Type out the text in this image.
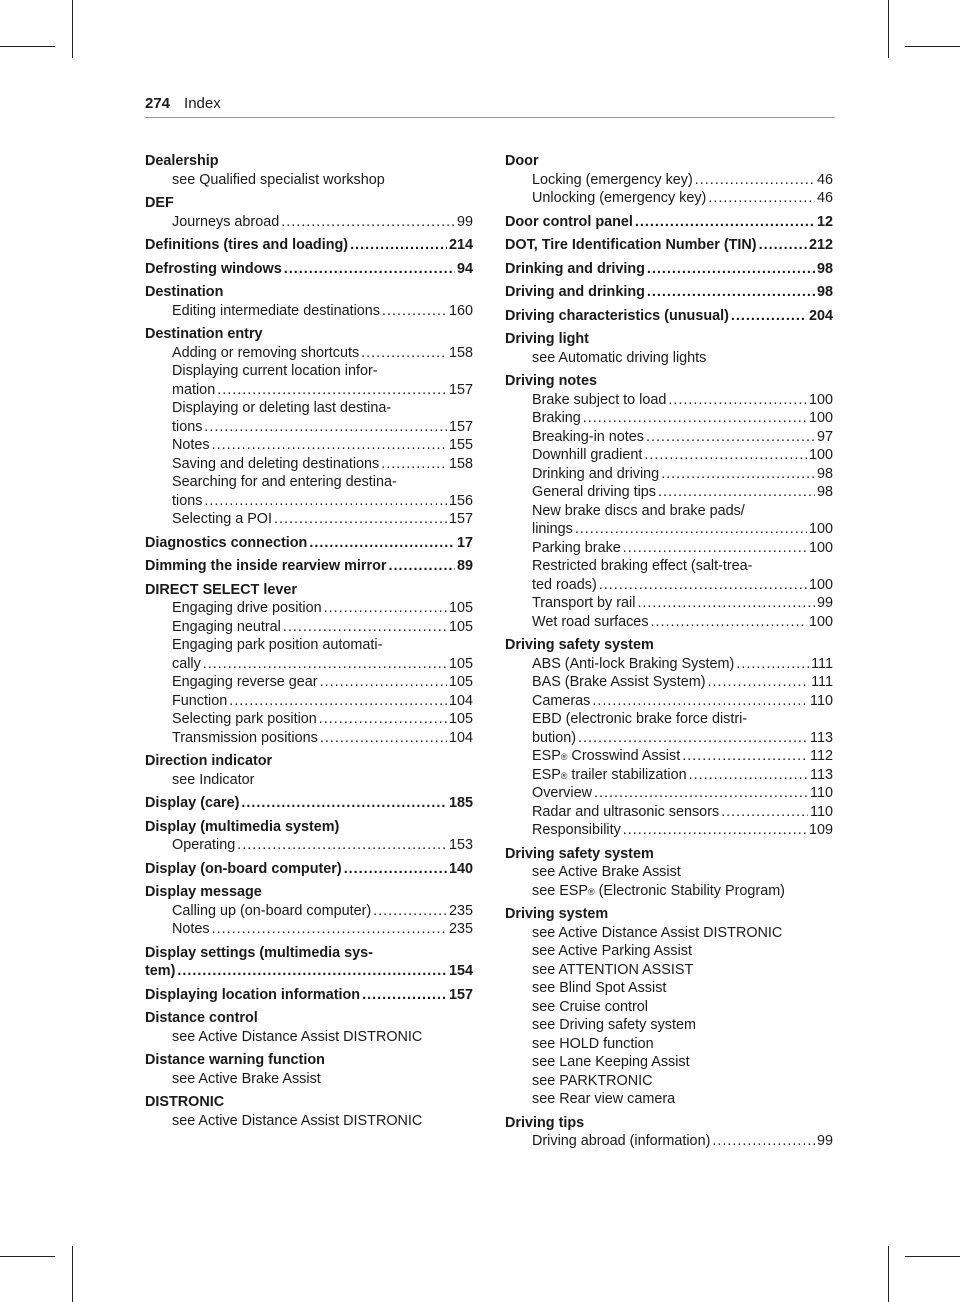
274 Index
Dealership
see Qualified specialist workshop
DEF
Journeys abroad .....	99
Definitions (tires and loading) .....	214
Defrosting windows .....	94
Destination
Editing intermediate destinations .....	160
Destination entry
Adding or removing shortcuts .....	158
Displaying current location infor-
mation .....	157
Displaying or deleting last destina-
tions .....	157
Notes .....	155
Saving and deleting destinations .....	158
Searching for and entering destina-
tions .....	156
Selecting a POI .....	157
Diagnostics connection .....	17
Dimming the inside rearview mirror .....	89
DIRECT SELECT lever
Engaging drive position .....	105
Engaging neutral .....	105
Engaging park position automati-
cally .....	105
Engaging reverse gear .....	105
Function .....	104
Selecting park position .....	105
Transmission positions .....	104
Direction indicator
see Indicator
Display (care) .....	185
Display (multimedia system)
Operating .....	153
Display (on-board computer) .....	140
Display message
Calling up (on-board computer) .....	235
Notes .....	235
Display settings (multimedia sys-
tem) .....	154
Displaying location information .....	157
Distance control
see Active Distance Assist DISTRONIC
Distance warning function
see Active Brake Assist
DISTRONIC
see Active Distance Assist DISTRONIC
Door
Locking (emergency key) .....	46
Unlocking (emergency key) .....	46
Door control panel .....	12
DOT, Tire Identification Number (TIN) .....	212
Drinking and driving .....	98
Driving and drinking .....	98
Driving characteristics (unusual) .....	204
Driving light
see Automatic driving lights
Driving notes
Brake subject to load .....	100
Braking .....	100
Breaking-in notes .....	97
Downhill gradient .....	100
Drinking and driving .....	98
General driving tips .....	98
New brake discs and brake pads/
linings .....	100
Parking brake .....	100
Restricted braking effect (salt-trea-
ted roads) .....	100
Transport by rail .....	99
Wet road surfaces .....	100
Driving safety system
ABS (Anti-lock Braking System) .....	111
BAS (Brake Assist System) .....	111
Cameras .....	110
EBD (electronic brake force distri-
bution) .....	113
ESP ® Crosswind Assist .....	112
ESP ® trailer stabilization .....	113
Overview .....	110
Radar and ultrasonic sensors .....	110
Responsibility .....	109
Driving safety system
see Active Brake Assist
see ESP ® (Electronic Stability Program)
Driving system
see Active Distance Assist DISTRONIC
see Active Parking Assist
see ATTENTION ASSIST
see Blind Spot Assist
see Cruise control
see Driving safety system
see HOLD function
see Lane Keeping Assist
see PARKTRONIC
see Rear view camera
Driving tips
Driving abroad (information) .....	99
